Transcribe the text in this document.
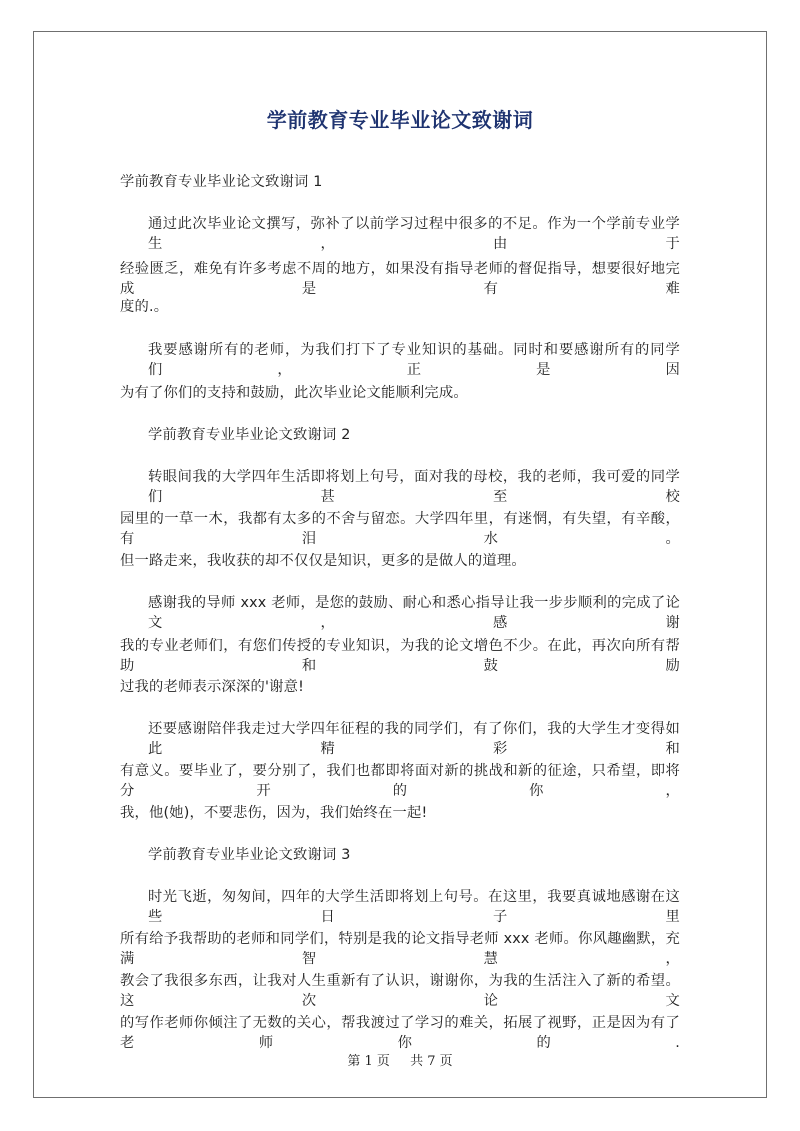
学前教育专业毕业论文致谢词
学前教育专业毕业论文致谢词 1
通过此次毕业论文撰写，弥补了以前学习过程中很多的不足。作为一个学前专业学生，由于
经验匮乏，难免有许多考虑不周的地方，如果没有指导老师的督促指导，想要很好地完成是有难
度的.。
我要感谢所有的老师，为我们打下了专业知识的基础。同时和要感谢所有的同学们，正是因
为有了你们的支持和鼓励，此次毕业论文能顺利完成。
学前教育专业毕业论文致谢词 2
转眼间我的大学四年生活即将划上句号，面对我的母校，我的老师，我可爱的同学们甚至校
园里的一草一木，我都有太多的不舍与留恋。大学四年里，有迷惘，有失望，有辛酸，有泪水。
但一路走来，我收获的却不仅仅是知识，更多的是做人的道理。
感谢我的导师 xxx 老师，是您的鼓励、耐心和悉心指导让我一步步顺利的完成了论文，感谢
我的专业老师们，有您们传授的专业知识，为我的论文增色不少。在此，再次向所有帮助和鼓励
过我的老师表示深深的'谢意!
还要感谢陪伴我走过大学四年征程的我的同学们，有了你们，我的大学生才变得如此精彩和
有意义。要毕业了，要分别了，我们也都即将面对新的挑战和新的征途，只希望，即将分开的你，
我，他(她)，不要悲伤，因为，我们始终在一起!
学前教育专业毕业论文致谢词 3
时光飞逝，匆匆间，四年的大学生活即将划上句号。在这里，我要真诚地感谢在这些日子里
所有给予我帮助的老师和同学们，特别是我的论文指导老师 xxx 老师。你风趣幽默，充满智慧，
教会了我很多东西，让我对人生重新有了认识，谢谢你，为我的生活注入了新的希望。这次论文
的写作老师你倾注了无数的关心，帮我渡过了学习的难关，拓展了视野，正是因为有了老师你的.
第 1 页 共 7 页
